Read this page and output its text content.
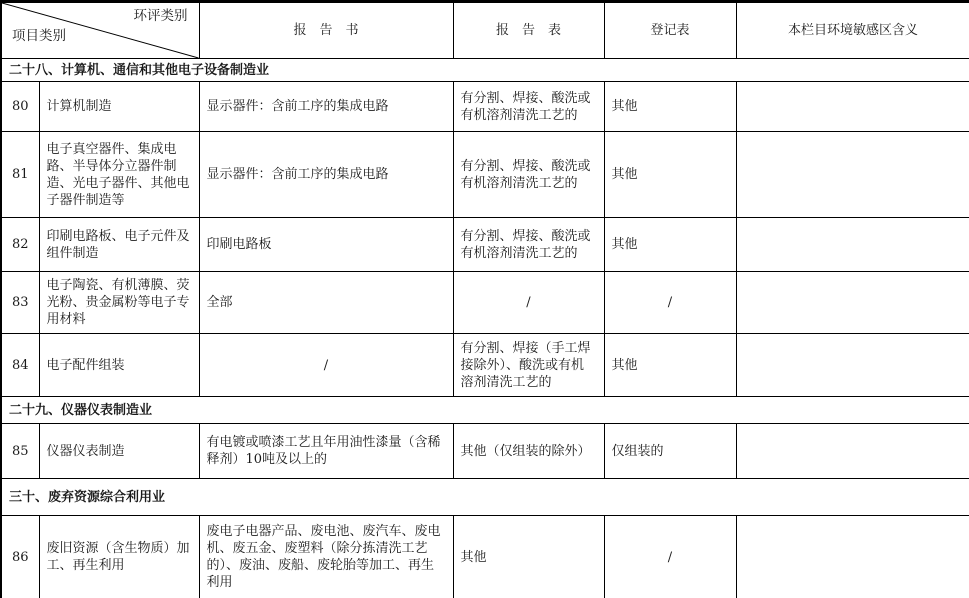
环评类别
项目类别		报　告　书	报　告　表	登记表	本栏目环境敏感区含义
二十八、计算机、通信和其他电子设备制造业					
80	计算机制造	显示器件：含前工序的集成电路	有分割、焊接、酸洗或有机溶剂清洗工艺的	其他	
81	电子真空器件、集成电路、半导体分立器件制造、光电子器件、其他电子器件制造等	显示器件：含前工序的集成电路	有分割、焊接、酸洗或有机溶剂清洗工艺的	其他	
82	印刷电路板、电子元件及组件制造	印刷电路板	有分割、焊接、酸洗或有机溶剂清洗工艺的	其他	
83	电子陶瓷、有机薄膜、荧光粉、贵金属粉等电子专用材料	全部	/	/	
84	电子配件组装	/	有分割、焊接（手工焊接除外）、酸洗或有机溶剂清洗工艺的	其他	
二十九、仪器仪表制造业					
85	仪器仪表制造	有电镀或喷漆工艺且年用油性漆量（含稀释剂）10吨及以上的	其他（仅组装的除外）	仅组装的	
三十、废弃资源综合利用业					
86	废旧资源（含生物质）加工、再生利用	废电子电器产品、废电池、废汽车、废电机、废五金、废塑料（除分拣清洗工艺的）、废油、废船、废轮胎等加工、再生利用	其他	/	
